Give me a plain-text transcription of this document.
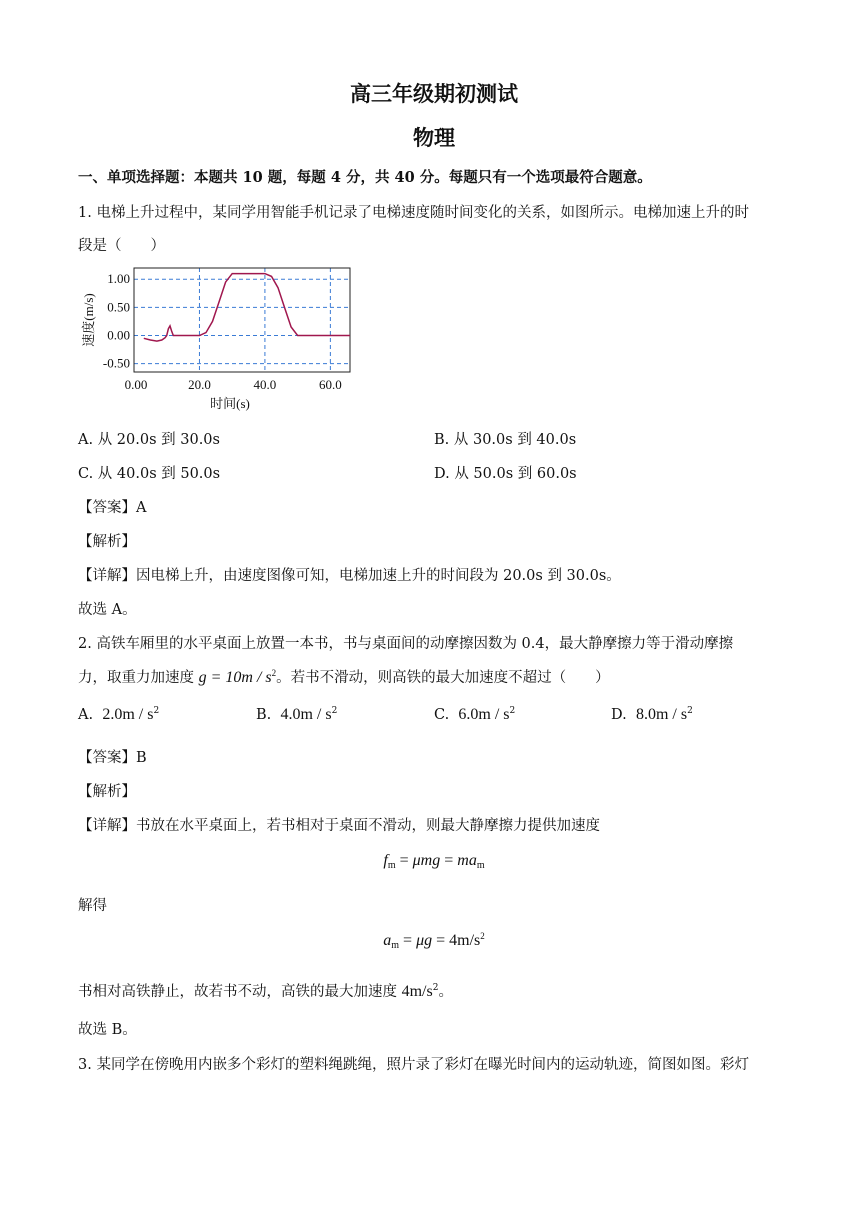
高三年级期初测试
物理
一、单项选择题：本题共 10 题，每题 4 分，共 40 分。每题只有一个选项最符合题意。
1. 电梯上升过程中，某同学用智能手机记录了电梯速度随时间变化的关系，如图所示。电梯加速上升的时
段是（　　）
1.00
0.50
0.00
-0.50
0.00	20.0	40.0	60.0
速度(m/s)
时间(s)
A. 从 20.0s 到 30.0s	B. 从 30.0s 到 40.0s
C. 从 40.0s 到 50.0s	D. 从 50.0s 到 60.0s
【答案】A
【解析】
【详解】因电梯上升，由速度图像可知，电梯加速上升的时间段为 20.0s 到 30.0s。
故选 A。
2. 高铁车厢里的水平桌面上放置一本书，书与桌面间的动摩擦因数为 0.4，最大静摩擦力等于滑动摩擦
力，取重力加速度 $g = 10m / s^2$。若书不滑动，则高铁的最大加速度不超过（　　）
A. $2.0m / s^2$	B. $4.0m / s^2$	C. $6.0m / s^2$	D. $8.0m / s^2$
【答案】B
【解析】
【详解】书放在水平桌面上，若书相对于桌面不滑动，则最大静摩擦力提供加速度
$f_m = \mu mg = ma_m$
解得
$a_m = \mu g = 4m/s^2$
书相对高铁静止，故若书不动，高铁的最大加速度 $4m/s^2$。
故选 B。
3. 某同学在傍晚用内嵌多个彩灯的塑料绳跳绳，照片录了彩灯在曝光时间内的运动轨迹，简图如图。彩灯
